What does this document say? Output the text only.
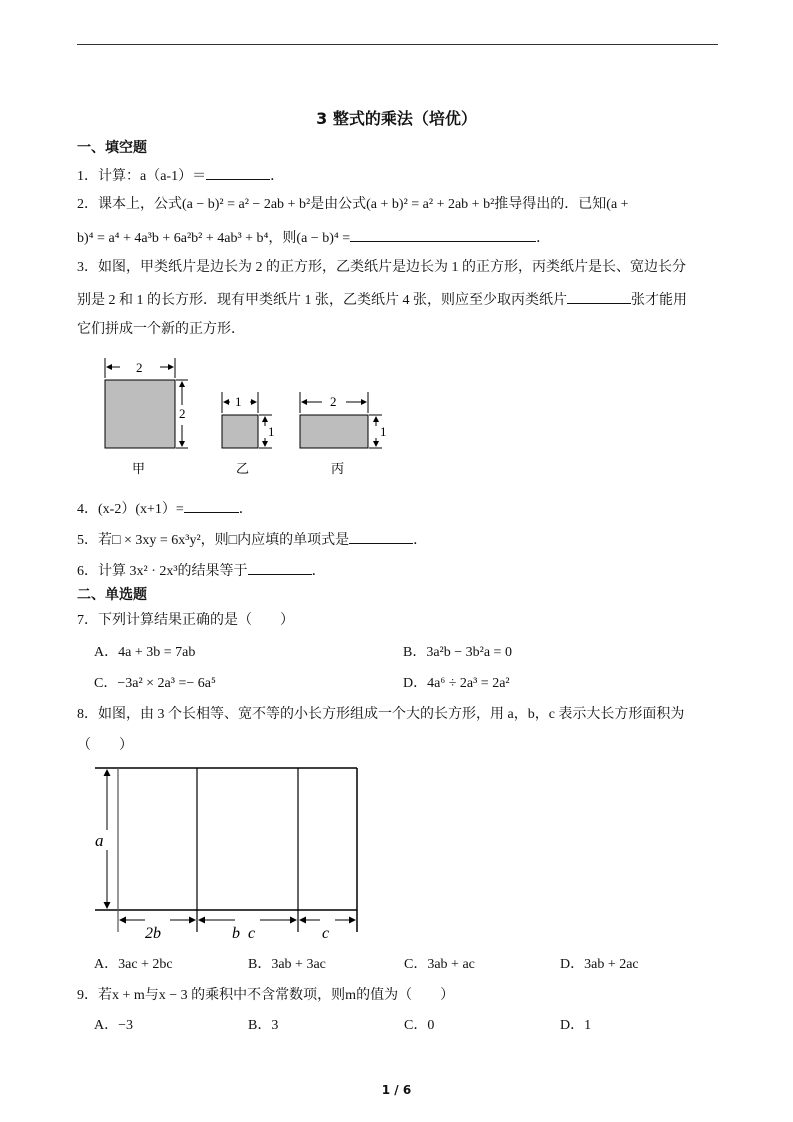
3 整式的乘法（培优）
一、填空题
1．计算：a（a-1）＝	．
2．课本上，公式(a − b)² = a² − 2ab + b²是由公式(a + b)² = a² + 2ab + b²推导得出的．已知(a +
b)⁴ = a⁴ + 4a³b + 6a²b² + 4ab³ + b⁴，则(a − b)⁴ =	．
3．如图，甲类纸片是边长为 2 的正方形，乙类纸片是边长为 1 的正方形，丙类纸片是长、宽边长分
别是 2 和 1 的长方形．现有甲类纸片 1 张，乙类纸片 4 张，则应至少取丙类纸片	张才能用
它们拼成一个新的正方形．
2
2
甲
1
1
乙
2
1
丙
4．(x-2）(x+1）=	．
5．若□ × 3xy = 6x³y²，则□内应填的单项式是	．
6．计算 3x² · 2x³的结果等于	．
二、单选题
7．下列计算结果正确的是（　　）
A．4a + 3b = 7ab	B．3a²b − 3b²a = 0
C．−3a² × 2a³ =− 6a⁵	D．4a⁶ ÷ 2a³ = 2a²
8．如图，由 3 个长相等、宽不等的小长方形组成一个大的长方形，用 a，b，c 表示大长方形面积为
（　　）
a
2b	b  c	c
A．3ac + 2bc	B．3ab + 3ac	C．3ab + ac	D．3ab + 2ac
9．若x + m与x − 3 的乘积中不含常数项，则m的值为（　　）
A．−3	B．3	C．0	D．1
1 / 6
